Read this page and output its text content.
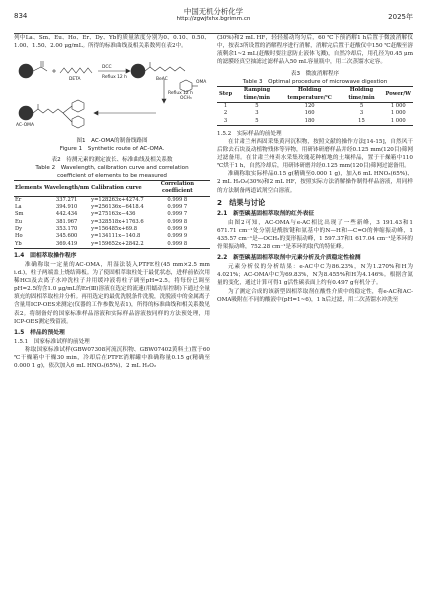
834	中国无机分析化学
http://zgwjfxhx.bgrimm.cn	2025年

列中La、Sm、Eu、Ho、Er、Dy、Yb的质量浓度分别为0、0.10、0.50、1.00、1.50、2.00 μg/mL。所得的标准曲线及相关系数列在表2中。

DCC
DETA	Reflux 12 h	BeAC
OCH₃
OMA
Reflux 12 h
AC-OMA
图1　AC-OMA的制备线路图
Figure 1　Synthetic route of AC-OMA.
表2　待测元素的测定波长、标准曲线及相关系数
Table 2　Wavelength, calibration curve and correlation
coefficient of elements to be measured
Elements	Wavelength/nm	Calibration curve	Correlation coefficient
Er	337.271	y=128263x+4274.7	0.999 8
La	394.910	y=256136x−6418.4	0.999 7
Sm	442.434	y=275163x−436	0.999 7
Eu	381.967	y=328518x+1763.6	0.999 8
Dy	353.170	y=156485x+69.8	0.999 9
Ho	345.600	y=134111x−140.8	0.999 9
Yb	369.419	y=159652x+2842.2	0.999 8
1.4　固相萃取操作程序

准确称取一定量的AC-OMA，用湿法装入PTFE柱(45 mm×2.5 mm i.d.)，柱子两端盖上烧结筛板。为了使固相萃取柱处于最优状态，进样前依次用稀HCl及去离子水冲洗柱子并用缓冲液将柱子调至pH=2.5。将每份已调至pH=2.5的含1.0 μg/mL的Er(Ⅲ)溶液在选定的流速(用蠕动泵控制)下通过全量填充的固相萃取柱并分析。再用选定的最优洗脱条件洗脱，洗脱液中的金属离子含量用ICP-OES来测定(仪器的工作参数见表1)，所得的标准曲线和相关系数见表2。将制备好的国家标准样品溶液和实际样品溶液按同样的方法预处理，用ICP-OES测定残留液。

1.5　样品的预处理
1.5.1　国家标准试样的前处理

称取国家标准试样(GBW07308河流沉积物、GBW07402黄料土)置于60 ℃干燥箱中干燥30 min，冷却后在PTFE消解罐中准确称量0.15 g(精确至0.000 1 g)，依次加入6 mL HNO₃(65%)、2 mL H₂O₂

(30%)和2 mL HF，轻轻摇动均匀后，60 ℃下预消解1 h后置于微波消解仪中，按表3所设置的消解程序进行消解，消解完后置于赶酸仪中150 ℃赶酸至溶液剩余1~2 mL(赶酸时要注意防止液体飞溅)，自然冷却后，用孔径为0.45 μm的滤膜经真空抽滤过滤样品入50 mL容量瓶中，用二次蒸馏水定容。

表3　微波消解程序
Table 3　Optimal procedure of microwave digestion
Step	Ramping time/min	Holding temperature/℃	Holding time/min	Power/W
1	5	120	5	1 000
2	3	160	3	1 000
3	5	180	15	1 000
1.5.2　实际样品的前处理

在甘肃兰州西固采集黄河沉积物，按照文献的操作方法[14-15]，自然风干后除去石块及动植物残体等异物，用研钵研磨样品并经0.125 mm(120目)筛网过滤备用。在甘肃兰州卖水采集玫瑰花种植地的土壤样品，置于干燥箱中110 ℃烘干1 h，自然冷却后，用研钵研磨并经0.125 mm(120目)筛网过滤备用。

准确称取实际样品0.15 g(精确至0.000 1 g)，加入6 mL HNO₃(65%)、2 mL H₂O₂(30%)和2 mL HF，按照实际方法消解操作制得样品溶液，用同样的方法制备两道试剂空白溶液。

2　结果与讨论
2.1　新型碳基固相萃取剂的红外表征

由图2可知，AC-OMA与e-AC相比出现了一些新峰，3 191.43和1 671.71 cm⁻¹处分别是酰胺键和氨基中的N—H和—C=O的伸缩振动峰，1 435.57 cm⁻¹是—OCH₃的变形振动峰，1 597.37和1 617.04 cm⁻¹是苯环的骨架振动峰，752.28 cm⁻¹是苯环的取代的特征峰。

2.2　新型碳基固相萃取剂中元素分析及介质稳定性检测

元素分析仪的分析结果：e-AC中C为86.23%，N为1.270%和H为4.021%；AC-OMA中C为69.83%，N为8.455%和H为4.146%。根据含氮量的变化，通过计算可得1 g活性碳表面上约有0.497 g有机分子。

为了测定合成的该新型固相萃取剂在酸性介质中的稳定性，将e-AC和AC-OMA吸附在不同的酸液中(pH=1~6)，1 h后过滤，用二次蒸馏水冲洗至
